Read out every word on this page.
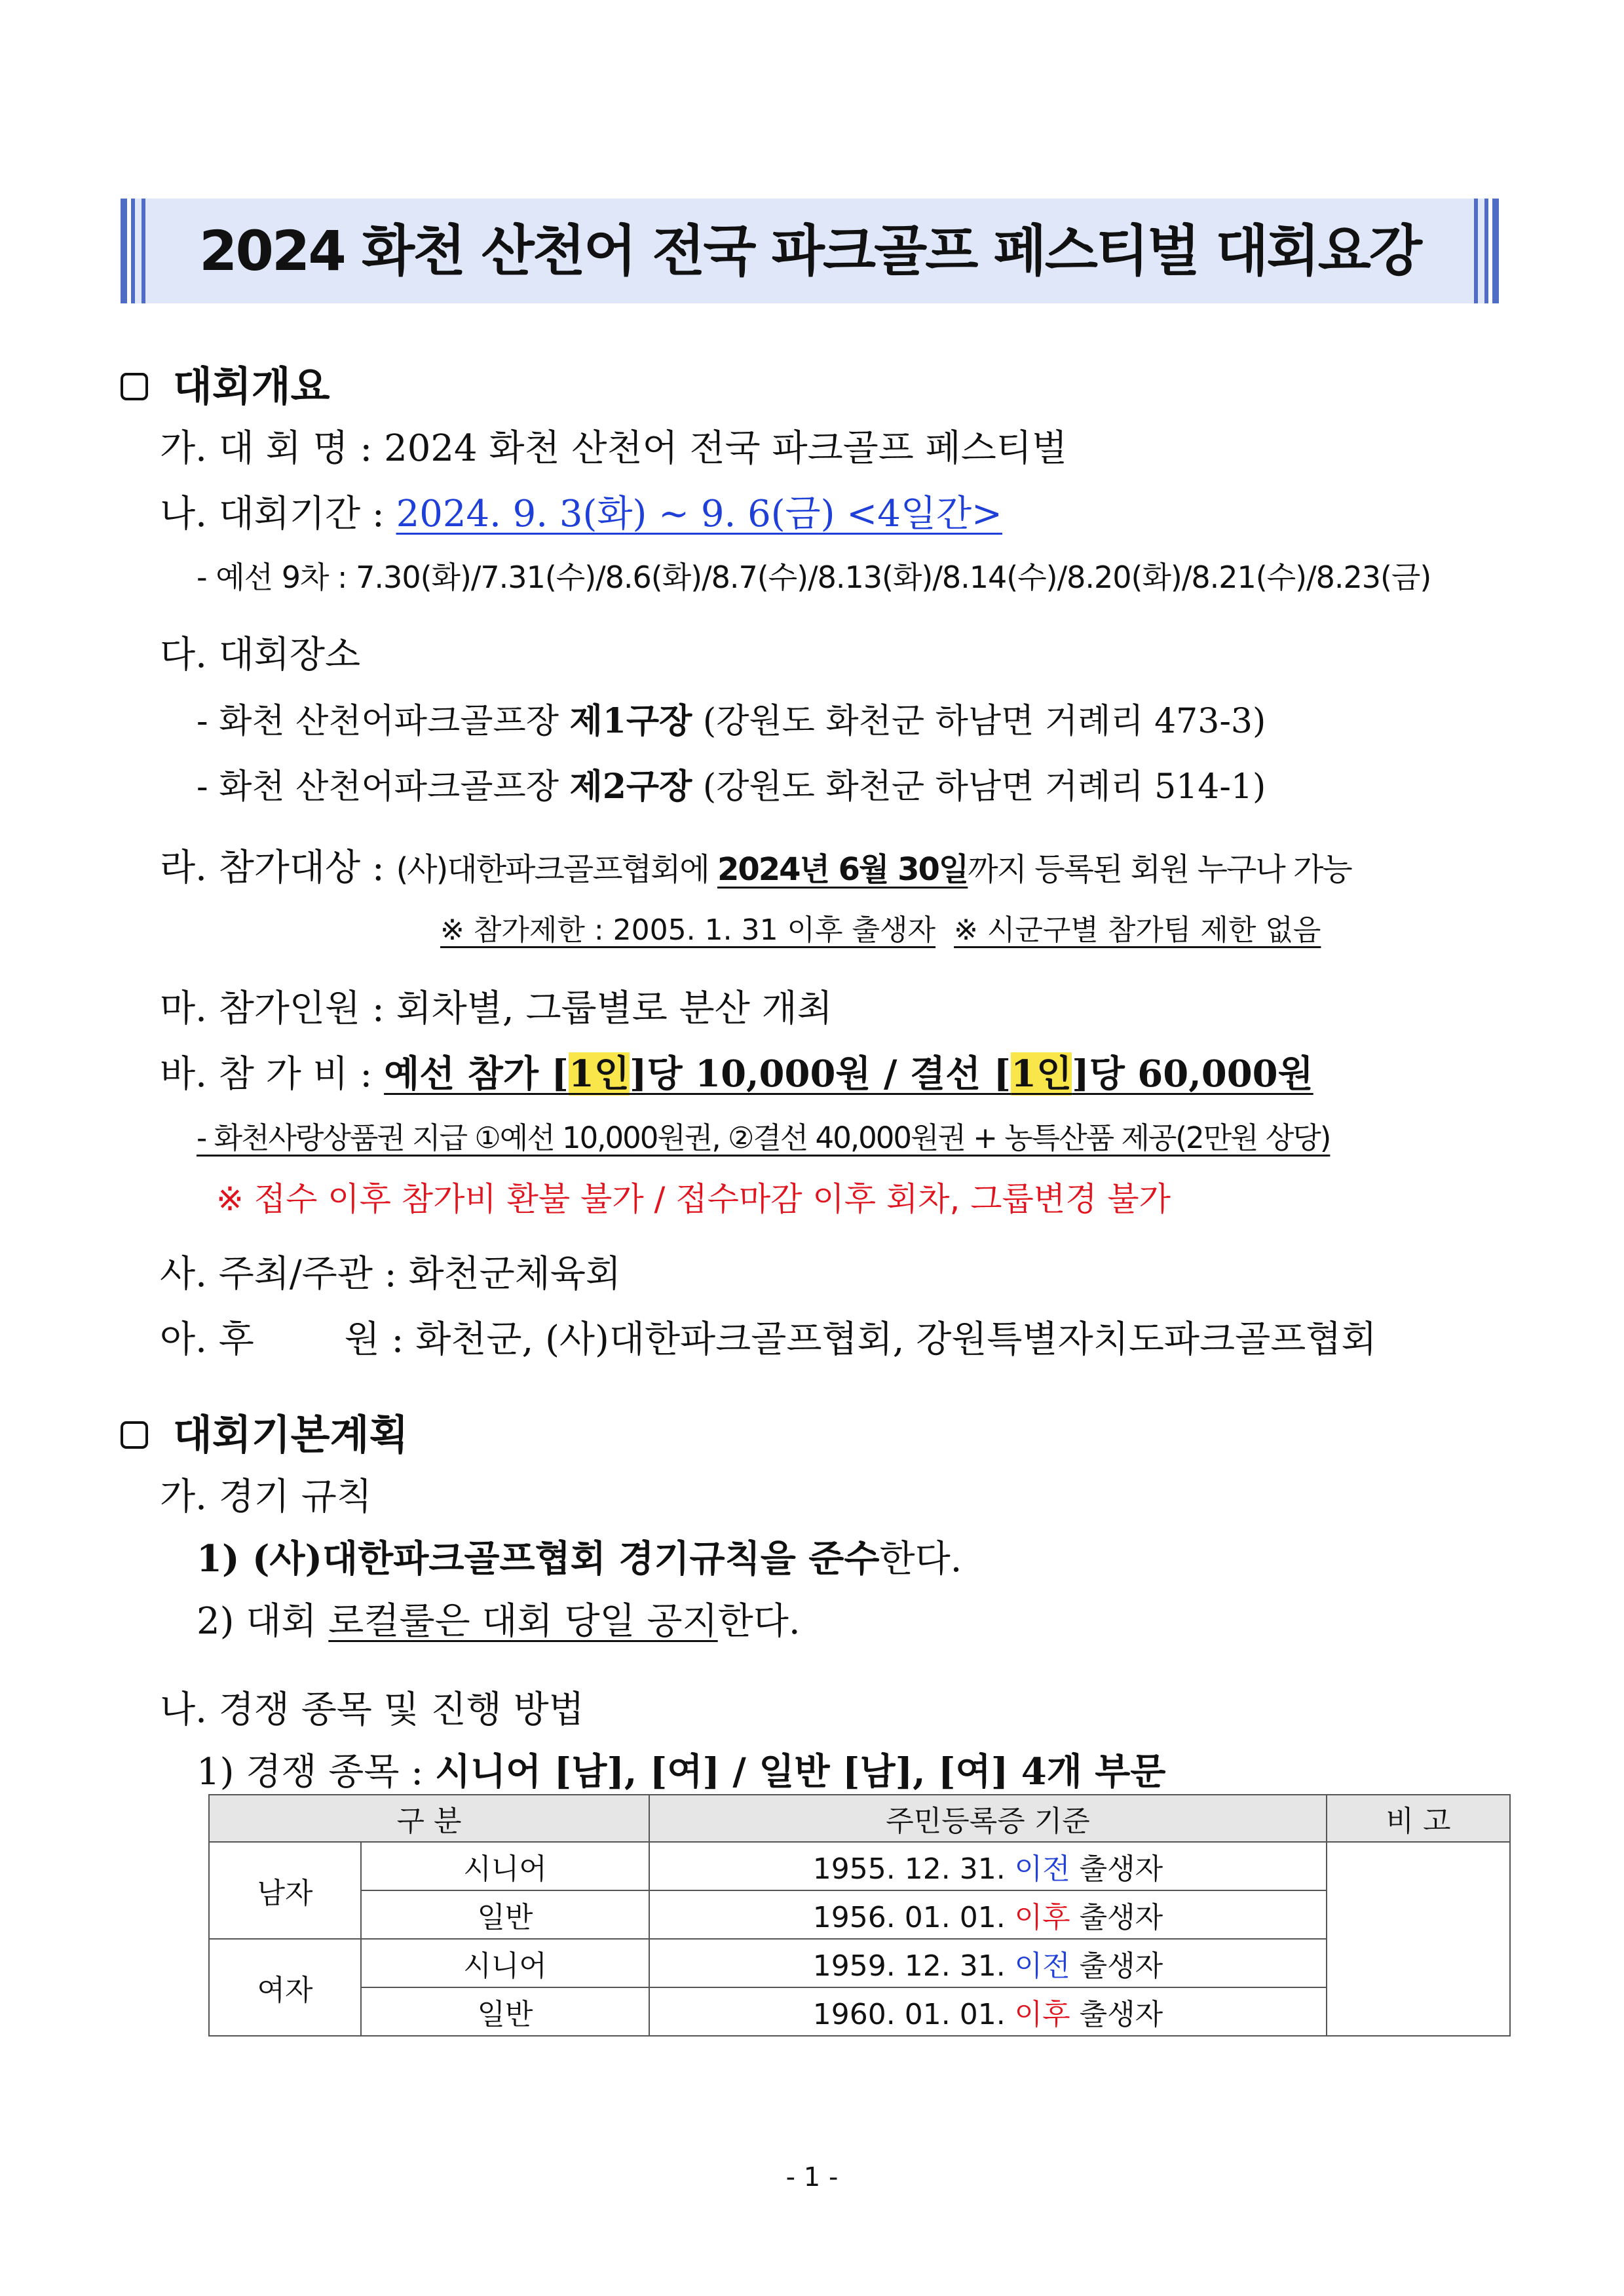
2024 화천 산천어 전국 파크골프 페스티벌 대회요강
대회개요
가. 대 회 명 : 2024 화천 산천어 전국 파크골프 페스티벌
나. 대회기간 : 2024. 9. 3(화) ~ 9. 6(금) <4일간>
- 예선 9차 : 7.30(화)/7.31(수)/8.6(화)/8.7(수)/8.13(화)/8.14(수)/8.20(화)/8.21(수)/8.23(금)
다. 대회장소
- 화천 산천어파크골프장 제1구장 (강원도 화천군 하남면 거례리 473-3)
- 화천 산천어파크골프장 제2구장 (강원도 화천군 하남면 거례리 514-1)
라. 참가대상 : (사)대한파크골프협회에 2024년 6월 30일까지 등록된 회원 누구나 가능
※ 참가제한 : 2005. 1. 31 이후 출생자 ※ 시군구별 참가팀 제한 없음
마. 참가인원 : 회차별, 그룹별로 분산 개최
바. 참 가 비 : 예선 참가 [1인]당 10,000원 / 결선 [1인]당 60,000원
- 화천사랑상품권 지급 ①예선 10,000원권, ②결선 40,000원권 + 농특산품 제공(2만원 상당)
※ 접수 이후 참가비 환불 불가 / 접수마감 이후 회차, 그룹변경 불가
사. 주최/주관 : 화천군체육회
아. 후 원 : 화천군, (사)대한파크골프협회, 강원특별자치도파크골프협회
대회기본계획
가. 경기 규칙
1) (사)대한파크골프협회 경기규칙을 준수한다.
2) 대회 로컬룰은 대회 당일 공지한다.
나. 경쟁 종목 및 진행 방법
1) 경쟁 종목 : 시니어 [남], [여] / 일반 [남], [여] 4개 부문
구 분		주민등록증 기준	비 고
남자	시니어	1955. 12. 31. 이전 출생자	
	일반	1956. 01. 01. 이후 출생자	
여자	시니어	1959. 12. 31. 이전 출생자	
	일반	1960. 01. 01. 이후 출생자	
- 1 -
